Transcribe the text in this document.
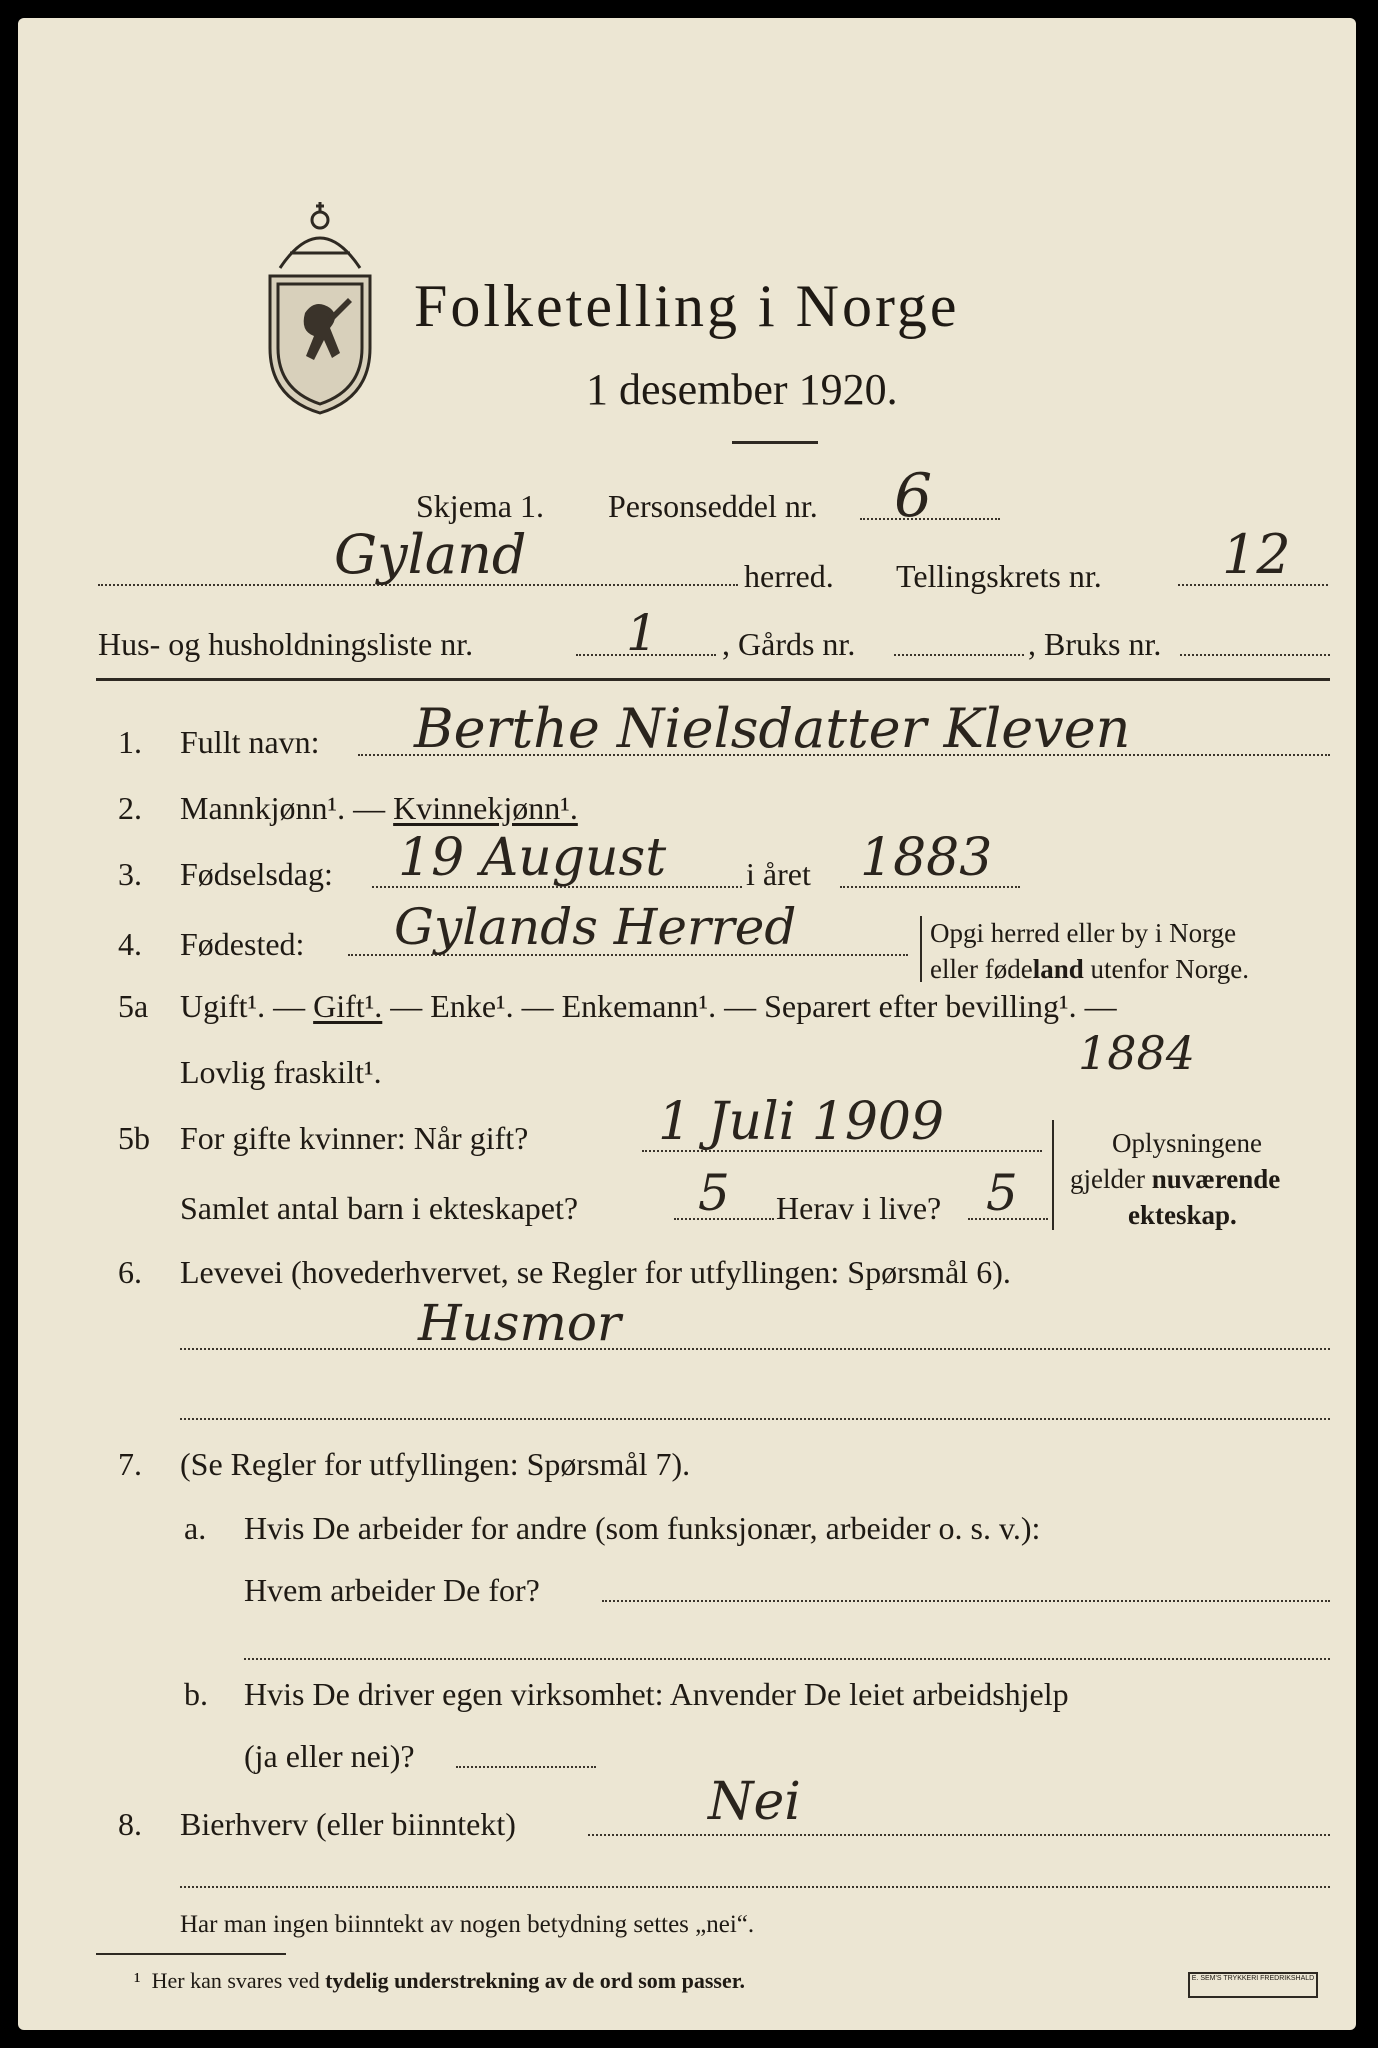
Folketelling i Norge
1 desember 1920.
Skjema 1. Personseddel nr. 6
Gyland	herred. Tellingskrets nr. 12
Hus- og husholdningsliste nr.	1 , Gårds nr.	, Bruks nr.
1. Fullt navn: Berthe Nielsdatter Kleven
2. Mannkjønn¹. — Kvinnekjønn¹.
3. Fødselsdag: 19 August i året 1883
4. Fødested: Gylands Herred	Opgi herred eller by i Norge
eller fødeland utenfor Norge.
5a Ugift¹. — Gift¹. — Enke¹. — Enkemann¹. — Separert efter bevilling¹. —
Lovlig fraskilt¹.	1884
5b For gifte kvinner: Når gift? 1 Juli 1909
Samlet antal barn i ekteskapet? 5 Herav i live? 5
Oplysningene
gjelder nuværende
ekteskap.
6. Levevei (hovederhvervet, se Regler for utfyllingen: Spørsmål 6).
Husmor
7. (Se Regler for utfyllingen: Spørsmål 7).
a. Hvis De arbeider for andre (som funksjonær, arbeider o. s. v.):
Hvem arbeider De for?
b. Hvis De driver egen virksomhet: Anvender De leiet arbeidshjelp
(ja eller nei)?
8. Bierhverv (eller biinntekt)	Nei
Har man ingen biinntekt av nogen betydning settes „nei“.
¹ Her kan svares ved tydelig understrekning av de ord som passer.	E. SEM'S TRYKKERI FREDRIKSHALD
